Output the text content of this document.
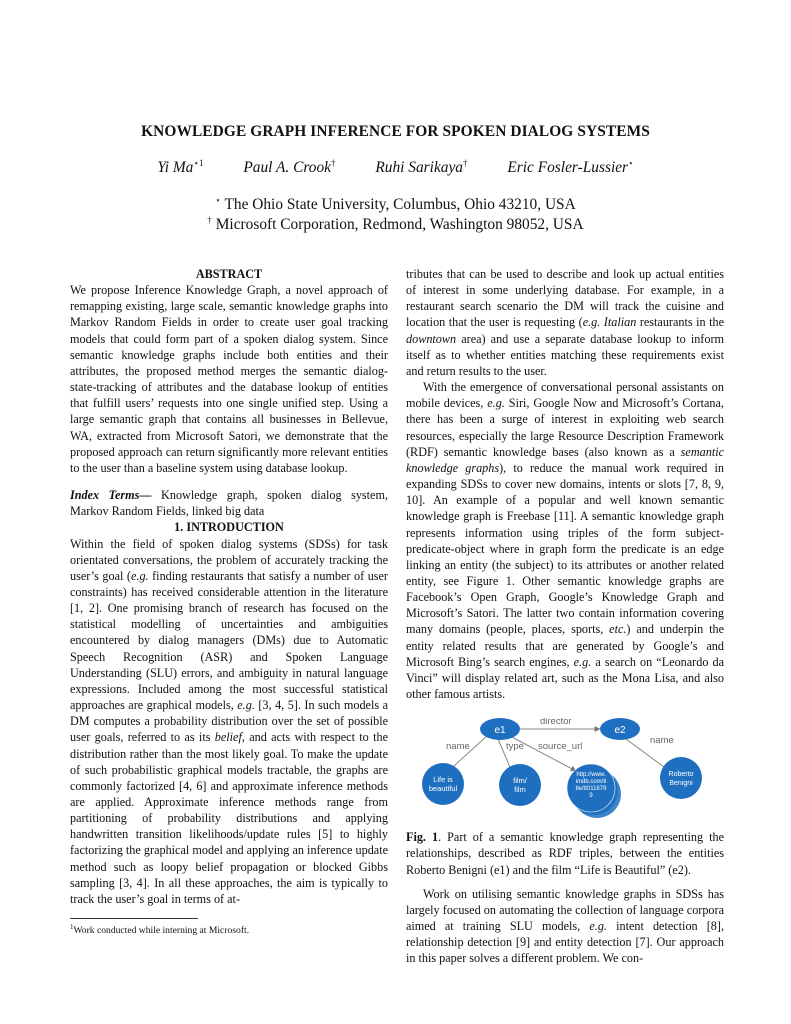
KNOWLEDGE GRAPH INFERENCE FOR SPOKEN DIALOG SYSTEMS
Yi $Ma^{⋆1}$	Paul A. Crook†	Ruhi Sarikaya†	Eric Fosler-Lussier⋆
⋆ The Ohio State University, Columbus, Ohio 43210, USA
† Microsoft Corporation, Redmond, Washington 98052, USA

ABSTRACT

We propose Inference Knowledge Graph, a novel approach of remapping existing, large scale, semantic knowledge graphs into Markov Random Fields in order to create user goal tracking models that could form part of a spoken dialog system. Since semantic knowledge graphs include both entities and their attributes, the proposed method merges the semantic dialog-state-tracking of attributes and the database lookup of entities that fulfill users’ requests into one single unified step. Using a large semantic graph that contains all businesses in Bellevue, WA, extracted from Microsoft Satori, we demonstrate that the proposed approach can return significantly more relevant entities to the user than a baseline system using database lookup.

Index Terms— Knowledge graph, spoken dialog system, Markov Random Fields, linked big data

1. INTRODUCTION

Within the field of spoken dialog systems (SDSs) for task orientated conversations, the problem of accurately tracking the user’s goal (e.g. finding restaurants that satisfy a number of user constraints) has received considerable attention in the literature [1, 2]. One promising branch of research has focused on the statistical modelling of uncertainties and ambiguities encountered by dialog managers (DMs) due to Automatic Speech Recognition (ASR) and Spoken Language Understanding (SLU) errors, and ambiguity in natural language expressions. Included among the most successful statistical approaches are graphical models, e.g. [3, 4, 5]. In such models a DM computes a probability distribution over the set of possible user goals, referred to as its belief, and acts with respect to the distribution rather than the most likely goal. To make the update of such probabilistic graphical models tractable, the graphs are commonly factorized [4, 6] and approximate inference methods are applied. Approximate inference methods range from partitioning of probability distributions and applying handwritten transition likelihoods/update rules [5] to highly factorizing the graphical model and applying an inference update method such as loopy belief propagation or blocked Gibbs sampling [3, 4]. In all these approaches, the aim is typically to track the user’s goal in terms of at-

tributes that can be used to describe and look up actual entities of interest in some underlying database. For example, in a restaurant search scenario the DM will track the cuisine and location that the user is requesting (e.g. Italian restaurants in the downtown area) and use a separate database lookup to inform itself as to whether entities matching these requirements exist and return results to the user.

With the emergence of conversational personal assistants on mobile devices, e.g. Siri, Google Now and Microsoft’s Cortana, there has been a surge of interest in exploiting web search resources, especially the large Resource Description Framework (RDF) semantic knowledge bases (also known as a semantic knowledge graphs), to reduce the manual work required in expanding SDSs to cover new domains, intents or slots [7, 8, 9, 10]. An example of a popular and well known semantic knowledge graph is Freebase [11]. A semantic knowledge graph represents information using triples of the form subject-predicate-object where in graph form the predicate is an edge linking an entity (the subject) to its attributes or another related entity, see Figure 1. Other semantic knowledge graphs are Facebook’s Open Graph, Google’s Knowledge Graph and Microsoft’s Satori. The latter two contain information covering many domains (people, places, sports, etc.) and underpin the entity related results that are generated by Google’s and Microsoft Bing’s search engines, e.g. a search on “Leonardo da Vinci” will display related art, such as the Mona Lisa, and also other famous artists.

director
name	type source_url
name
e1	e2
Life is
beautiful
film/
film
http://www.
imdb.com/ti
tle/tt011879
9
Roberto
Benigni

Fig. 1. Part of a semantic knowledge graph representing the relationships, described as RDF triples, between the entities Roberto Benigni (e1) and the film “Life is Beautiful” (e2).

Work on utilising semantic knowledge graphs in SDSs has largely focused on automating the collection of language corpora aimed at training SLU models, e.g. intent detection [8], relationship detection [9] and entity detection [7]. Our approach in this paper solves a different problem. We con-

$^1$Work conducted while interning at Microsoft.
